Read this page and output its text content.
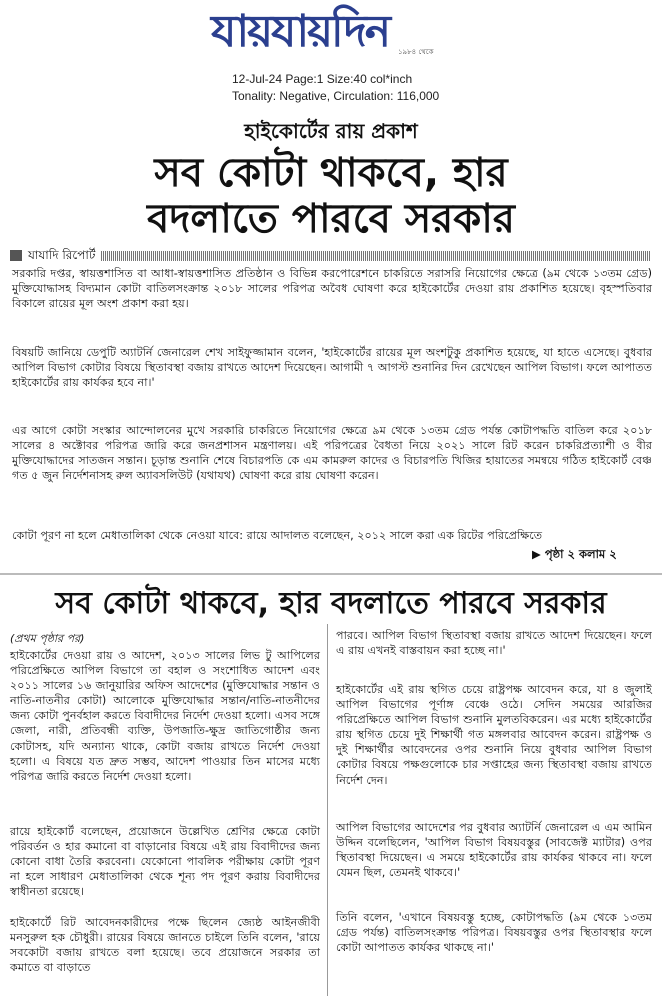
যায়যায়দিন ১৯৮৪ থেকে
12-Jul-24 Page:1 Size:40 col*inch
Tonality: Negative, Circulation: 116,000
হাইকোর্টের রায় প্রকাশ
সব কোটা থাকবে, হার
বদলাতে পারবে সরকার
যাযাদি রিপোর্ট
সরকারি দপ্তর, স্বায়ত্তশাসিত বা আধা-স্বায়ত্তশাসিত প্রতিষ্ঠান ও বিভিন্ন করপোরেশনে চাকরিতে সরাসরি নিয়োগের ক্ষেত্রে (৯ম থেকে ১৩তম গ্রেড) মুক্তিযোদ্ধাসহ বিদ্যমান কোটা বাতিলসংক্রান্ত ২০১৮ সালের পরিপত্র অবৈধ ঘোষণা করে হাইকোর্টের দেওয়া রায় প্রকাশিত হয়েছে। বৃহস্পতিবার বিকালে রায়ের মূল অংশ প্রকাশ করা হয়।
বিষয়টি জানিয়ে ডেপুটি অ্যাটর্নি জেনারেল শেখ সাইফুজ্জামান বলেন, 'হাইকোর্টের রায়ের মূল অংশটুকু প্রকাশিত হয়েছে, যা হাতে এসেছে। বুধবার আপিল বিভাগ কোটার বিষয়ে স্থিতাবস্থা বজায় রাখতে আদেশ দিয়েছেন। আগামী ৭ আগস্ট শুনানির দিন রেখেছেন আপিল বিভাগ। ফলে আপাতত হাইকোর্টের রায় কার্যকর হবে না।'
এর আগে কোটা সংস্কার আন্দোলনের মুখে সরকারি চাকরিতে নিয়োগের ক্ষেত্রে ৯ম থেকে ১৩তম গ্রেড পর্যন্ত কোটাপদ্ধতি বাতিল করে ২০১৮ সালের ৪ অক্টোবর পরিপত্র জারি করে জনপ্রশাসন মন্ত্রণালয়। এই পরিপত্রের বৈধতা নিয়ে ২০২১ সালে রিট করেন চাকরিপ্রত্যাশী ও বীর মুক্তিযোদ্ধাদের সাতজন সন্তান। চূড়ান্ত শুনানি শেষে বিচারপতি কে এম কামরুল কাদের ও বিচারপতি খিজির হায়াতের সমন্বয়ে গঠিত হাইকোর্ট বেঞ্চ গত ৫ জুন নির্দেশনাসহ রুল অ্যাবসলিউট (যথাযথ) ঘোষণা করে রায় ঘোষণা করেন।
কোটা পূরণ না হলে মেধাতালিকা থেকে নেওয়া যাবে: রায়ে আদালত বলেছেন, ২০১২ সালে করা এক রিটের পরিপ্রেক্ষিতে
▶ পৃষ্ঠা ২ কলাম ২
সব কোটা থাকবে, হার বদলাতে পারবে সরকার
(প্রথম পৃষ্ঠার পর)
হাইকোর্টের দেওয়া রায় ও আদেশ, ২০১৩ সালের লিভ টু আপিলের পরিপ্রেক্ষিতে আপিল বিভাগে তা বহাল ও সংশোধিত আদেশ এবং ২০১১ সালের ১৬ জানুয়ারির অফিস আদেশের (মুক্তিযোদ্ধার সন্তান ও নাতি-নাতনীর কোটা) আলোকে মুক্তিযোদ্ধার সন্তান/নাতি-নাতনীদের জন্য কোটা পুনর্বহাল করতে বিবাদীদের নির্দেশ দেওয়া হলো। এসব সঙ্গে জেলা, নারী, প্রতিবন্ধী ব্যক্তি, উপজাতি-ক্ষুদ্র জাতিগোষ্ঠীর জন্য কোটাসহ, যদি অন্যান্য থাকে, কোটা বজায় রাখতে নির্দেশ দেওয়া হলো। এ বিষয়ে যত দ্রুত সম্ভব, আদেশ পাওয়ার তিন মাসের মধ্যে পরিপত্র জারি করতে নির্দেশ দেওয়া হলো।
রায়ে হাইকোর্ট বলেছেন, প্রয়োজনে উল্লেখিত শ্রেণির ক্ষেত্রে কোটা পরিবর্তন ও হার কমানো বা বাড়ানোর বিষয়ে এই রায় বিবাদীদের জন্য কোনো বাধা তৈরি করবেনা। যেকোনো পাবলিক পরীক্ষায় কোটা পূরণ না হলে সাধারণ মেধাতালিকা থেকে শূন্য পদ পূরণ করায় বিবাদীদের স্বাধীনতা রয়েছে।
হাইকোর্টে রিট আবেদনকারীদের পক্ষে ছিলেন জ্যেষ্ঠ আইনজীবী মনসুরুল হক চৌধুরী। রায়ের বিষয়ে জানতে চাইলে তিনি বলেন, 'রায়ে সবকোটা বজায় রাখতে বলা হয়েছে। তবে প্রয়োজনে সরকার তা কমাতে বা বাড়াতে
পারবে। আপিল বিভাগ স্থিতাবস্থা বজায় রাখতে আদেশ দিয়েছেন। ফলে এ রায় এখনই বাস্তবায়ন করা হচ্ছে না।'
হাইকোর্টের এই রায় স্থগিত চেয়ে রাষ্ট্রপক্ষ আবেদন করে, যা ৪ জুলাই আপিল বিভাগের পূর্ণাঙ্গ বেঞ্চে ওঠে। সেদিন সময়ের আরজির পরিপ্রেক্ষিতে আপিল বিভাগ শুনানি মুলতবিকরেন। এর মধ্যে হাইকোর্টের রায় স্থগিত চেয়ে দুই শিক্ষার্থী গত মঙ্গলবার আবেদন করেন। রাষ্ট্রপক্ষ ও দুই শিক্ষার্থীর আবেদনের ওপর শুনানি নিয়ে বুধবার আপিল বিভাগ কোটার বিষয়ে পক্ষগুলোকে চার সপ্তাহের জন্য স্থিতাবস্থা বজায় রাখতে নির্দেশ দেন।
আপিল বিভাগের আদেশের পর বুধবার অ্যাটর্নি জেনারেল এ এম আমিন উদ্দিন বলেছিলেন, 'আপিল বিভাগ বিষয়বস্তুর (সাবজেক্ট ম্যাটার) ওপর স্থিতাবস্থা দিয়েছেন। এ সময়ে হাইকোর্টের রায় কার্যকর থাকবে না। ফলে যেমন ছিল, তেমনই থাকবে।'
তিনি বলেন, 'এখানে বিষয়বস্তু হচ্ছে, কোটাপদ্ধতি (৯ম থেকে ১৩তম গ্রেড পর্যন্ত) বাতিলসংক্রান্ত পরিপত্র। বিষয়বস্তুর ওপর স্থিতাবস্থার ফলে কোটা আপাতত কার্যকর থাকছে না।'
